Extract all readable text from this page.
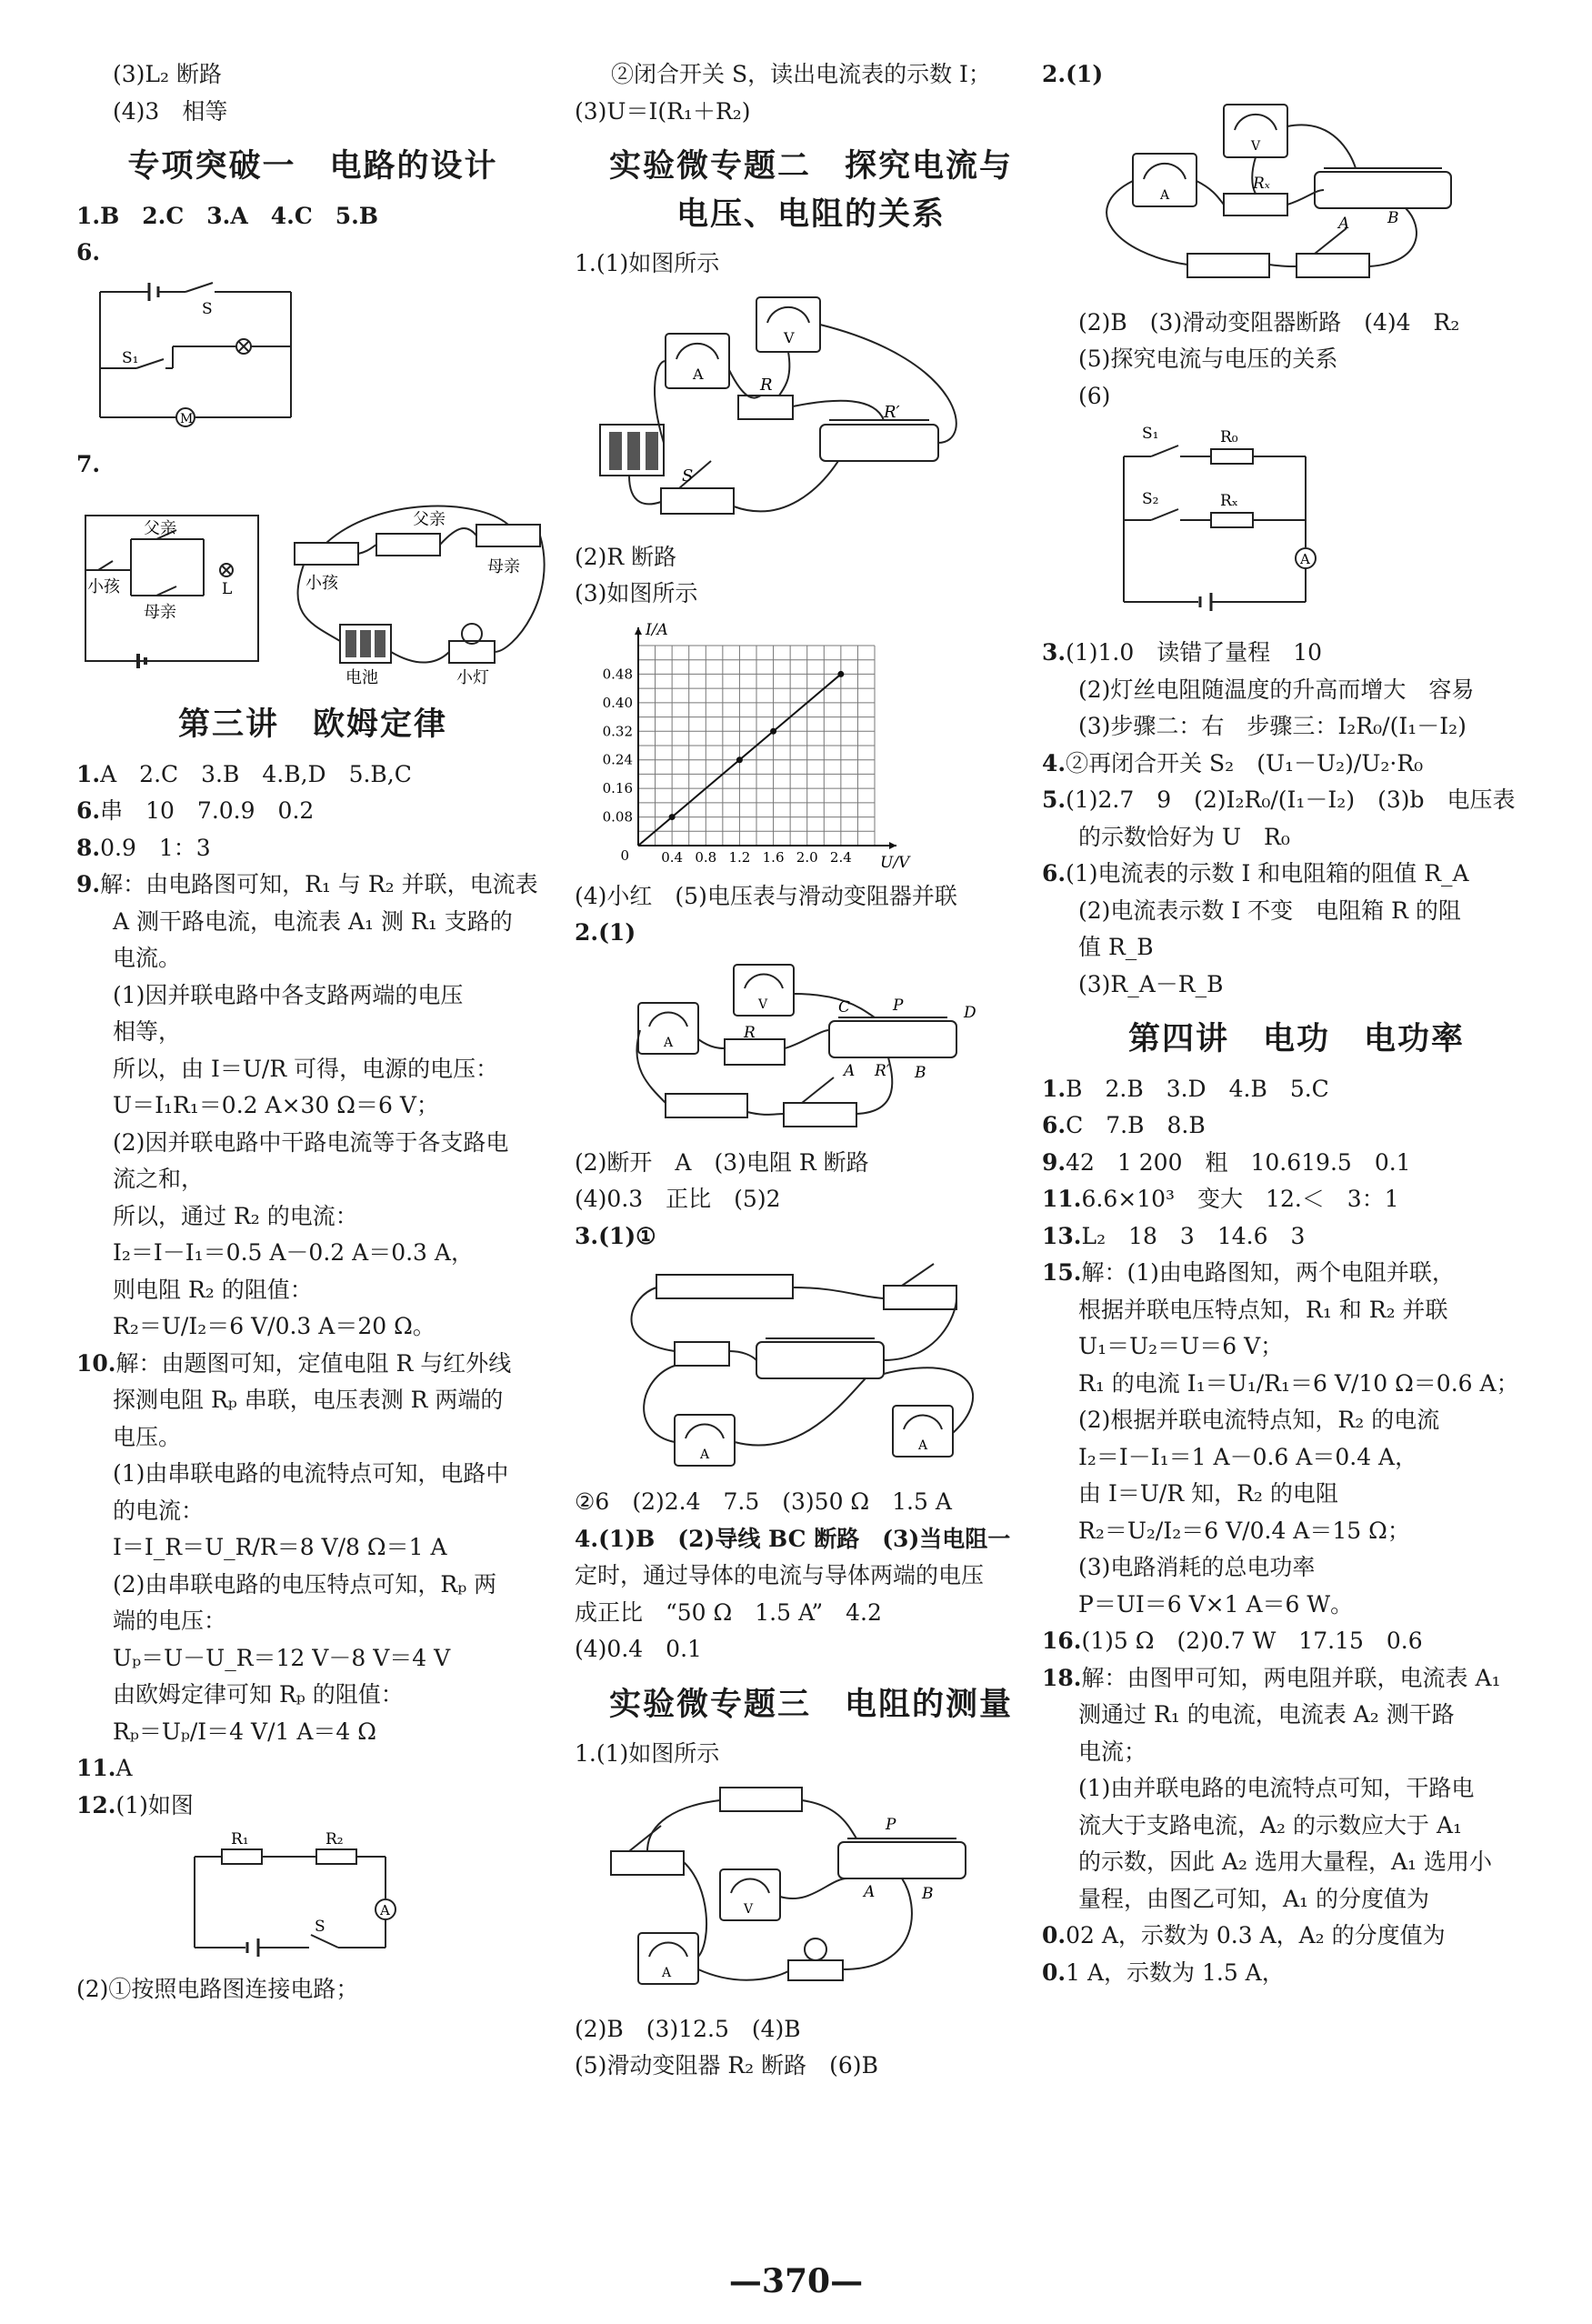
(3)L₂ 断路
(4)3　相等
专项突破一　电路的设计
1.B　2.C　3.A　4.C　5.B
6.
S
S₁
M
7.
父亲
小孩
母亲
L
父亲
小孩
母亲
电池	小灯
第三讲　欧姆定律
1.A　2.C　3.B　4.B,D　5.B,C
6.串　10　7.0.9　0.2
8.0.9　1：3
9.解：由电路图可知，R₁ 与 R₂ 并联，电流表
A 测干路电流，电流表 A₁ 测 R₁ 支路的
电流。
(1)因并联电路中各支路两端的电压
相等，
所以，由 I＝U/R 可得，电源的电压：
U＝I₁R₁＝0.2 A×30 Ω＝6 V；
(2)因并联电路中干路电流等于各支路电
流之和，
所以，通过 R₂ 的电流：
I₂＝I－I₁＝0.5 A－0.2 A＝0.3 A，
则电阻 R₂ 的阻值：
R₂＝U/I₂＝6 V/0.3 A＝20 Ω。
10.解：由题图可知，定值电阻 R 与红外线
探测电阻 Rₚ 串联，电压表测 R 两端的
电压。
(1)由串联电路的电流特点可知，电路中
的电流：
I＝I_R＝U_R/R＝8 V/8 Ω＝1 A
(2)由串联电路的电压特点可知，Rₚ 两
端的电压：
Uₚ＝U－U_R＝12 V－8 V＝4 V
由欧姆定律可知 Rₚ 的阻值：
Rₚ＝Uₚ/I＝4 V/1 A＝4 Ω
11.A
12.(1)如图
R₁	R₂
S
A
(2)①按照电路图连接电路；
②闭合开关 S，读出电流表的示数 I；
(3)U＝I(R₁＋R₂)
实验微专题二　探究电流与
电压、电阻的关系
1.(1)如图所示
A
V
R
R′
S
(2)R 断路
(3)如图所示
0.08
0.16
0.24
0.32
0.40
0.48
0.4 0.8 1.2 1.6 2.0 2.4
0
I/A
U/V
(4)小红　(5)电压表与滑动变阻器并联
2.(1)
A
V
R
C	P	D
A R′ B
(2)断开　A　(3)电阻 R 断路
(4)0.3　正比　(5)2
3.(1)①
A
A
②6　(2)2.4　7.5　(3)50 Ω　1.5 A
4.(1)B　(2)导线 BC 断路　(3)当电阻一
定时，通过导体的电流与导体两端的电压
成正比　“50 Ω　1.5 A”　4.2
(4)0.4　0.1
实验微专题三　电阻的测量
1.(1)如图所示
V
A
P
A	B
(2)B　(3)12.5　(4)B
(5)滑动变阻器 R₂ 断路　(6)B
2.(1)
A
V
Rₓ
A B
(2)B　(3)滑动变阻器断路　(4)4　R₂
(5)探究电流与电压的关系
(6)
S₁	R₀
S₂	Rₓ
A
3.(1)1.0　读错了量程　10
(2)灯丝电阻随温度的升高而增大　容易
(3)步骤二：右　步骤三：I₂R₀/(I₁－I₂)
4.②再闭合开关 S₂　(U₁－U₂)/U₂·R₀
5.(1)2.7　9　(2)I₂R₀/(I₁－I₂)　(3)b　电压表
的示数恰好为 U　R₀
6.(1)电流表的示数 I 和电阻箱的阻值 R_A
(2)电流表示数 I 不变　电阻箱 R 的阻
值 R_B
(3)R_A－R_B
第四讲　电功　电功率
1.B　2.B　3.D　4.B　5.C
6.C　7.B　8.B
9.42　1 200　粗　10.619.5　0.1
11.6.6×10³　变大　12.＜　3：1
13.L₂　18　3　14.6　3
15.解：(1)由电路图知，两个电阻并联，
根据并联电压特点知，R₁ 和 R₂ 并联
U₁＝U₂＝U＝6 V；
R₁ 的电流 I₁＝U₁/R₁＝6 V/10 Ω＝0.6 A；
(2)根据并联电流特点知，R₂ 的电流
I₂＝I－I₁＝1 A－0.6 A＝0.4 A，
由 I＝U/R 知，R₂ 的电阻
R₂＝U₂/I₂＝6 V/0.4 A＝15 Ω；
(3)电路消耗的总电功率
P＝UI＝6 V×1 A＝6 W。
16.(1)5 Ω　(2)0.7 W　17.15　0.6
18.解：由图甲可知，两电阻并联，电流表 A₁
测通过 R₁ 的电流，电流表 A₂ 测干路
电流；
(1)由并联电路的电流特点可知，干路电
流大于支路电流，A₂ 的示数应大于 A₁
的示数，因此 A₂ 选用大量程，A₁ 选用小
量程，由图乙可知，A₁ 的分度值为
0.02 A，示数为 0.3 A，A₂ 的分度值为
0.1 A，示数为 1.5 A，
—370—
